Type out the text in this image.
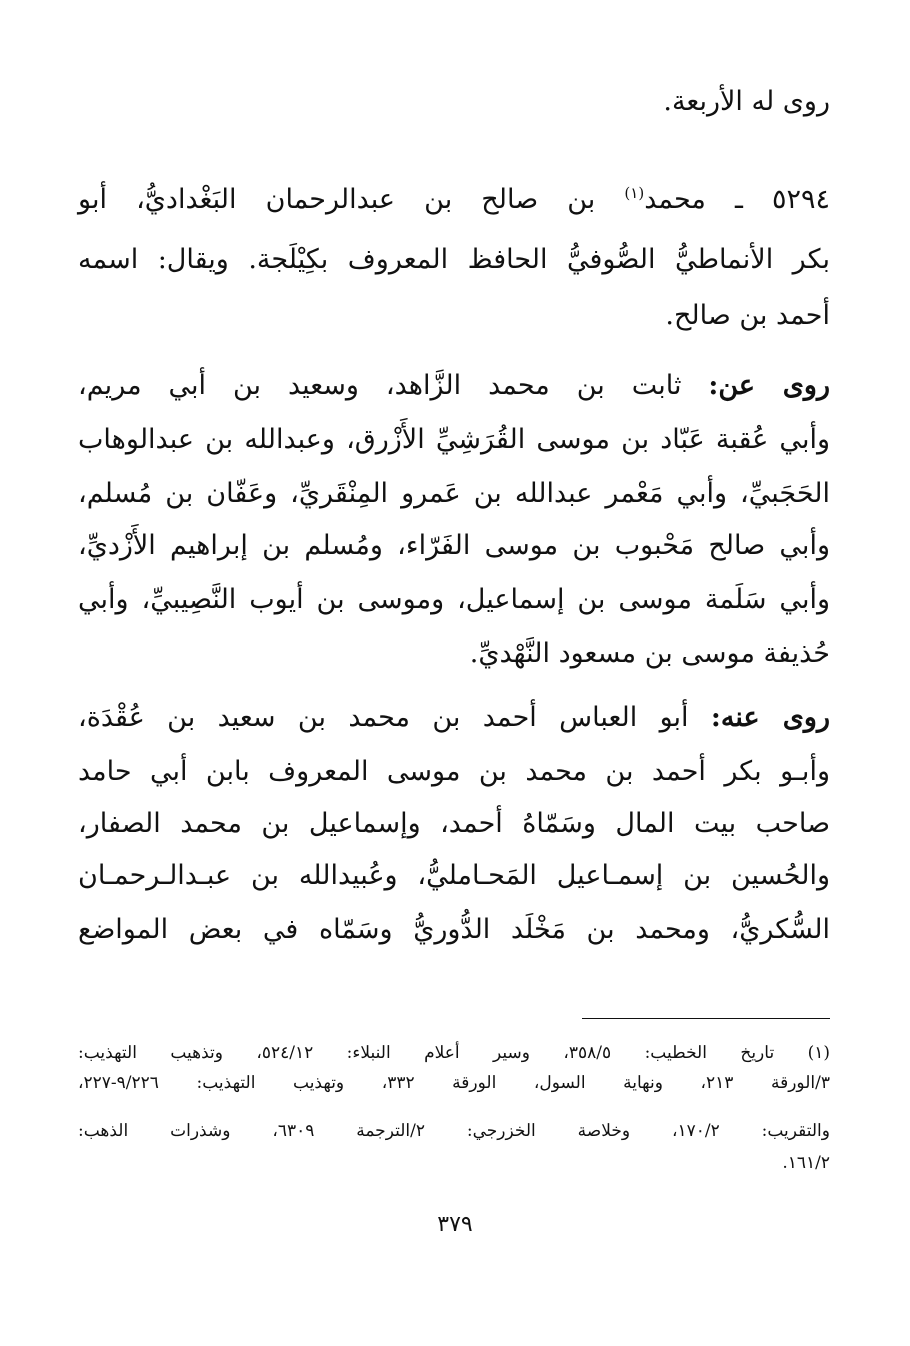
روى له الأربعة.
٥٢٩٤ ـ محمد$^{(١)}$ بن صالح بن عبدالرحمان البَغْداديُّ، أبو
بكر الأنماطيُّ الصُّوفيُّ الحافظ المعروف بكِيْلَجة. ويقال: اسمه
أحمد بن صالح.
روى عن: ثابت بن محمد الزَّاهد، وسعيد بن أبي مريم،
وأبي عُقبة عَبّاد بن موسى القُرَشِيِّ الأَزْرق، وعبدالله بن عبدالوهاب
الحَجَبيِّ، وأبي مَعْمر عبدالله بن عَمرو المِنْقَريِّ، وعَفّان بن مُسلم،
وأبي صالح مَحْبوب بن موسى الفَرّاء، ومُسلم بن إبراهيم الأَزْديِّ،
وأبي سَلَمة موسى بن إسماعيل، وموسى بن أيوب النَّصِيبيِّ، وأبي
حُذيفة موسى بن مسعود النَّهْديِّ.
روى عنه: أبو العباس أحمد بن محمد بن سعيد بن عُقْدَة،
وأبـو بكر أحمد بن محمد بن موسى المعروف بابن أبي حامد
صاحب بيت المال وسَمّاهُ أحمد، وإسماعيل بن محمد الصفار،
والحُسين بن إسمـاعيل المَحـامليُّ، وعُبيدالله بن عبـدالـرحمـان
السُّكريُّ، ومحمد بن مَخْلَد الدُّوريُّ وسَمّاه في بعض المواضع
(١) تاريخ الخطيب: ٣٥٨/٥، وسير أعلام النبلاء: ٥٢٤/١٢، وتذهيب التهذيب:
٣/الورقة ٢١٣، ونهاية السول، الورقة ٣٣٢، وتهذيب التهذيب: ٩/٢٢٦-٢٢٧،
والتقريب: ١٧٠/٢، وخلاصة الخزرجي: ٢/الترجمة ٦٣٠٩، وشذرات الذهب:
١٦١/٢.
٣٧٩
